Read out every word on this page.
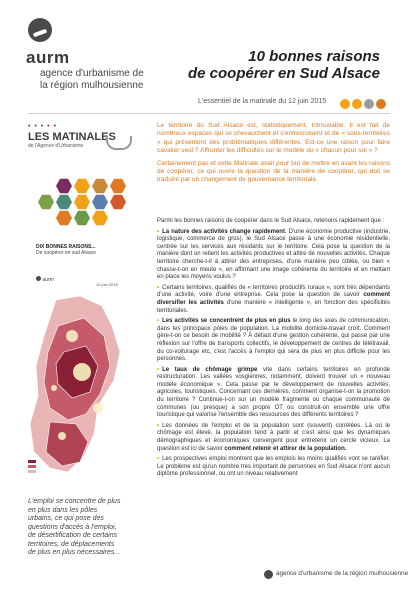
aurm
agence d'urbanisme de
la région mulhousienne
10 bonnes raisons
de coopérer en Sud Alsace
L'essentiel de la matinale du 12 juin 2015
• • • • •
LES MATINALES
de l'Agence d'Urbanisme
DIX BONNES RAISONS...
De coopérer en sud Alsace
aurm
12 juin 2015
L'emploi se concentre de plus en plus dans les pôles urbains, ce qui pose des questions d'accès à l'emploi, de désertification de certains territoires, de déplacements de plus en plus nécessaires...

Le territoire du Sud Alsace est, statistiquement, introuvable. Il est fait de nombreux espaces qui se chevauchent et s'entrecroisent et de « sous-territoires » qui présentent des problématiques différentes. Est-ce une raison pour faire cavalier seul ? Affronter les difficultés sur le modèle du « chacun pour soi » ?

Certainement pas et cette Matinale avait pour but de mettre en avant les raisons de coopérer, ce qui ouvre la question de la manière de coopérer, qui doit se traduire par un changement de gouvernance territoriale.

Parmi les bonnes raisons de coopérer dans le Sud Alsace, retenons rapidement que :

• La nature des activités change rapidement. D'une économie productive (industrie, logistique, commerce de gros), le Sud Alsace passe à une économie résidentielle, centrée sur les services aux résidants sur le territoire. Cela pose la question de la manière dont on retient les activités productives et attire de nouvelles activités. Chaque territoire cherche-t-il à attirer des entreprises, d'une manière peu ciblée, ou bien « chasse-t-on en meute », en affirmant une image cohérente du territoire et en mettant en place les moyens voulus ?

• Certains territoires, qualifiés de « territoires productifs ruraux », sont très dépendants d'une activité, voire d'une entreprise. Cela pose la question de savoir comment diversifier les activités d'une manière « intelligente », en fonction des spécificités territoriales.

• Les activités se concentrent de plus en plus le long des axes de communication, dans les principaux pôles de population. La mobilité domicile-travail croît. Comment gère-t-on ce besoin de mobilité ? À défaut d'une gestion cohérente, qui passe par une réflexion sur l'offre de transports collectifs, le développement de centres de télétravail, du co-voiturage etc, c'est l'accès à l'emploi qui sera de plus en plus difficile pour les personnes.

• Le taux de chômage grimpe vite dans certains territoires en profonde restructuration. Les vallées vosgiennes, notamment, doivent trouver un « nouveau modèle économique ». Cela passe par le développement de nouvelles activités, agricoles, touristiques. Concernant ces dernières, comment organise-t-on la promotion du territoire ? Continue-t-on sur un modèle fragmenté où chaque communauté de communes (ou presque) a son propre OT ou construit-on ensemble une offre touristique qui valorise l'ensemble des ressources des différents territoires ?

• Les données de l'emploi et de la population sont (souvent) corrélées. Là où le chômage est élevé, la population tend à partir et c'est ainsi que les dynamiques démographiques et économiques convergent pour entretenir un cercle vicieux. La question est ici de savoir comment retenir et attirer de la population.

• Les prospectives emploi montrent que les emplois les moins qualifiés vont se raréfier. Le problème est qu'un nombre très important de personnes en Sud Alsace n'ont aucun diplôme professionnel, ou ont un niveau relativement

agence d'urbanisme de la région mulhousienne
